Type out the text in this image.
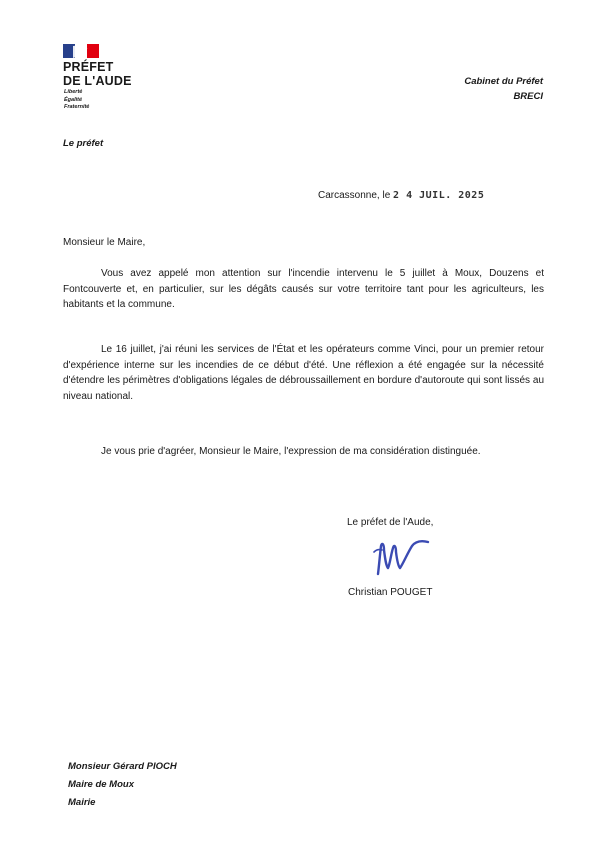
PRÉFET
DE L'AUDE
Liberté
Égalité
Fraternité
Cabinet du Préfet
BRECI
Le préfet
Carcassonne, le 2 4 JUIL. 2025
Monsieur le Maire,

Vous avez appelé mon attention sur l'incendie intervenu le 5 juillet à Moux, Douzens et Fontcouverte et, en particulier, sur les dégâts causés sur votre territoire tant pour les agriculteurs, les habitants et la commune.

Le 16 juillet, j'ai réuni les services de l'État et les opérateurs comme Vinci, pour un premier retour d'expérience interne sur les incendies de ce début d'été. Une réflexion a été engagée sur la nécessité d'étendre les périmètres d'obligations légales de débroussaillement en bordure d'autoroute qui sont lissés au niveau national.

Je vous prie d'agréer, Monsieur le Maire, l'expression de ma considération distinguée.

Le préfet de l'Aude,
Christian POUGET
Monsieur Gérard PIOCH
Maire de Moux
Mairie
